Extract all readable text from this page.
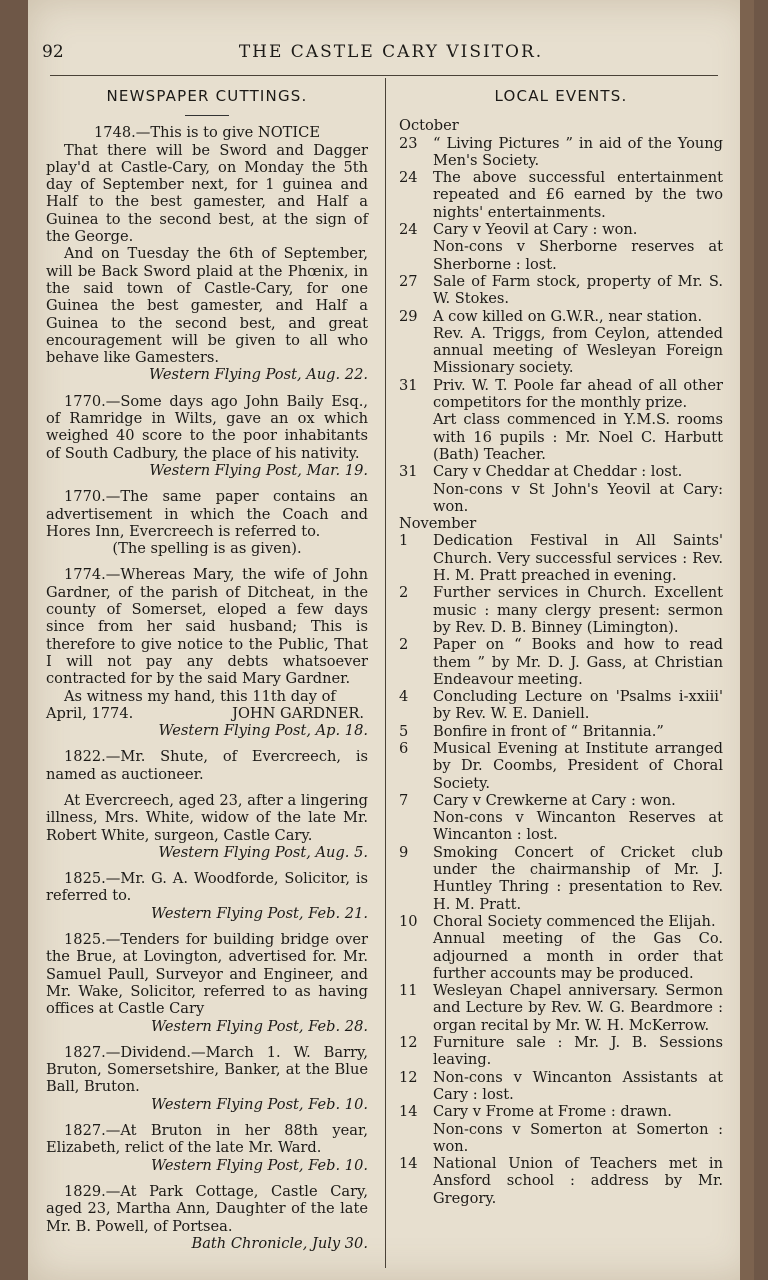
92	THE CASTLE CARY VISITOR.
NEWSPAPER CUTTINGS.

1748.—This is to give NOTICE

That there will be Sword and Dagger play'd at Castle-Cary, on Monday the 5th day of September next, for 1 guinea and Half to the best gamester, and Half a Guinea to the second best, at the sign of the George.

And on Tuesday the 6th of September, will be Back Sword plaid at the Phœnix, in the said town of Castle-Cary, for one Guinea the best gamester, and Half a Guinea to the second best, and great encouragement will be given to all who behave like Gamesters.

Western Flying Post, Aug. 22.

1770.—Some days ago John Baily Esq., of Ramridge in Wilts, gave an ox which weighed 40 score to the poor inhabitants of South Cadbury, the place of his nativity.

Western Flying Post, Mar. 19.

1770.—The same paper contains an advertisement in which the Coach and Hores Inn, Evercreech is referred to.

(The spelling is as given).

1774.—Whereas Mary, the wife of John Gardner, of the parish of Ditcheat, in the county of Somerset, eloped a few days since from her said husband; This is therefore to give notice to the Public, That I will not pay any debts whatsoever contracted for by the said Mary Gardner.

As witness my hand, this 11th day of

April, 1774.	JOHN GARDNER.
Western Flying Post, Ap. 18.

1822.—Mr. Shute, of Evercreech, is named as auctioneer.

At Evercreech, aged 23, after a lingering illness, Mrs. White, widow of the late Mr. Robert White, surgeon, Castle Cary.

Western Flying Post, Aug. 5.

1825.—Mr. G. A. Woodforde, Solicitor, is referred to.

Western Flying Post, Feb. 21.

1825.—Tenders for building bridge over the Brue, at Lovington, advertised for. Mr. Samuel Paull, Surveyor and Engineer, and Mr. Wake, Solicitor, referred to as having offices at Castle Cary

Western Flying Post, Feb. 28.

1827.—Dividend.—March 1. W. Barry, Bruton, Somersetshire, Banker, at the Blue Ball, Bruton.

Western Flying Post, Feb. 10.

1827.—At Bruton in her 88th year, Elizabeth, relict of the late Mr. Ward.

Western Flying Post, Feb. 10.

1829.—At Park Cottage, Castle Cary, aged 23, Martha Ann, Daughter of the late Mr. B. Powell, of Portsea.

Bath Chronicle, July 30.
LOCAL EVENTS.
October
23	“ Living Pictures ” in aid of the Young Men's Society.
24	The above successful entertainment repeated and £6 earned by the two nights' entertainments.
24	Cary v Yeovil at Cary : won.
Non-cons v Sherborne reserves at Sherborne : lost.
27	Sale of Farm stock, property of Mr. S. W. Stokes.
29	A cow killed on G.W.R., near station.
Rev. A. Triggs, from Ceylon, attended annual meeting of Wesleyan Foreign Missionary society.
31	Priv. W. T. Poole far ahead of all other competitors for the monthly prize.
Art class commenced in Y.M.S. rooms with 16 pupils : Mr. Noel C. Harbutt (Bath) Teacher.
31	Cary v Cheddar at Cheddar : lost.
Non-cons v St John's Yeovil at Cary: won.
November
1	Dedication Festival in All Saints' Church. Very successful services : Rev. H. M. Pratt preached in evening.
2	Further services in Church. Excellent music : many clergy present: sermon by Rev. D. B. Binney (Limington).
2	Paper on “ Books and how to read them ” by Mr. D. J. Gass, at Christian Endeavour meeting.
4	Concluding Lecture on 'Psalms i-xxiii' by Rev. W. E. Daniell.
5	Bonfire in front of “ Britannia.”
6	Musical Evening at Institute arranged by Dr. Coombs, President of Choral Society.
7	Cary v Crewkerne at Cary : won.
Non-cons v Wincanton Reserves at Wincanton : lost.
9	Smoking Concert of Cricket club under the chairmanship of Mr. J. Huntley Thring : presentation to Rev. H. M. Pratt.
10	Choral Society commenced the Elijah.
Annual meeting of the Gas Co. adjourned a month in order that further accounts may be produced.
11	Wesleyan Chapel anniversary. Sermon and Lecture by Rev. W. G. Beardmore : organ recital by Mr. W. H. McKerrow.
12	Furniture sale : Mr. J. B. Sessions leaving.
12	Non-cons v Wincanton Assistants at Cary : lost.
14	Cary v Frome at Frome : drawn.
Non-cons v Somerton at Somerton : won.
14	National Union of Teachers met in Ansford school : address by Mr. Gregory.
